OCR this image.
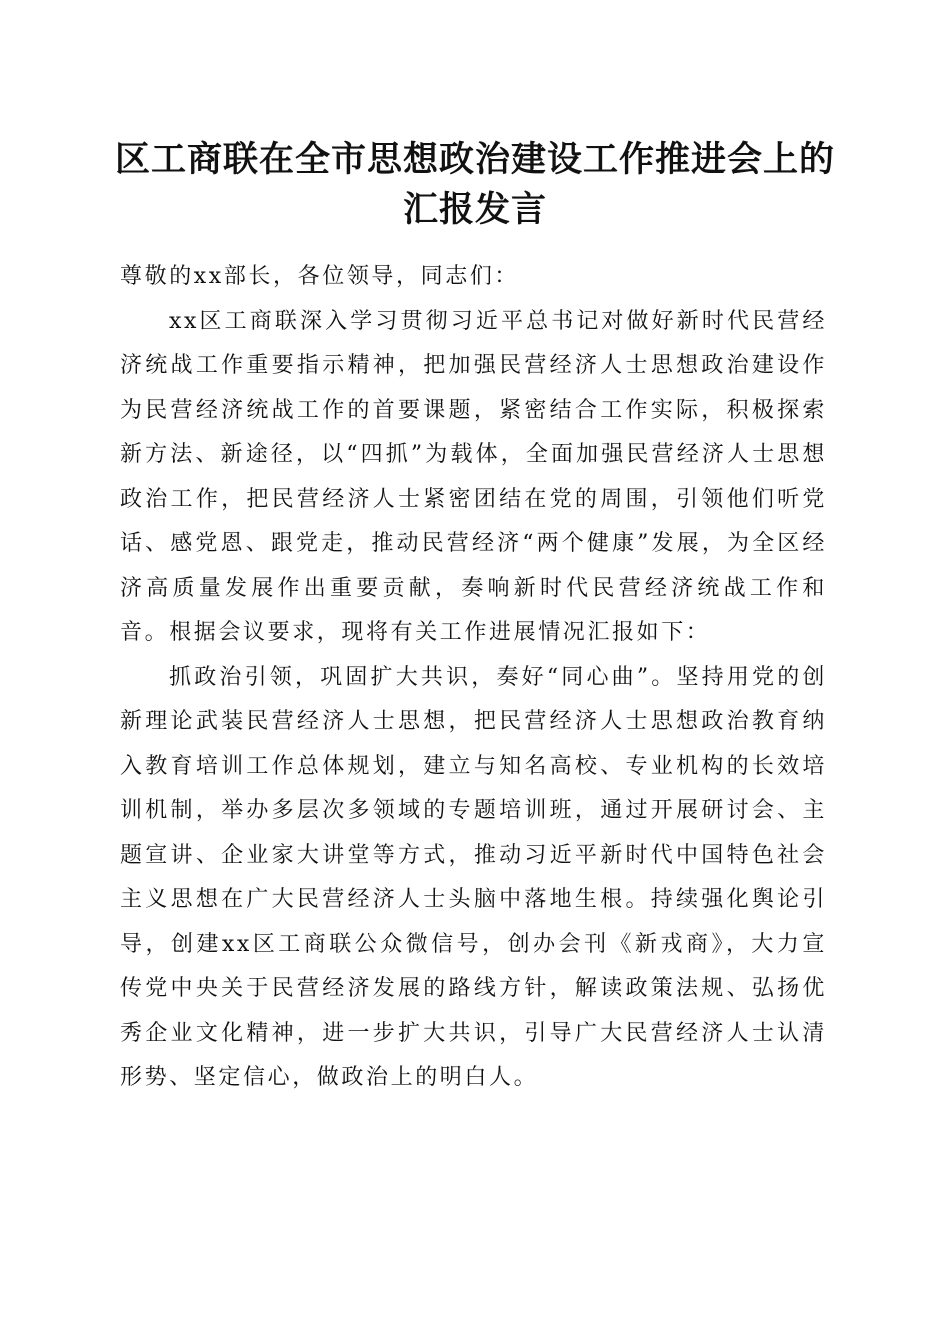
区工商联在全市思想政治建设工作推进会上的
汇报发言

尊敬的xx部长，各位领导，同志们：

xx区工商联深入学习贯彻习近平总书记对做好新时代民营经济统战工作重要指示精神，把加强民营经济人士思想政治建设作为民营经济统战工作的首要课题，紧密结合工作实际，积极探索新方法、新途径，以“四抓”为载体，全面加强民营经济人士思想政治工作，把民营经济人士紧密团结在党的周围，引领他们听党话、感党恩、跟党走，推动民营经济“两个健康”发展，为全区经济高质量发展作出重要贡献，奏响新时代民营经济统战工作和音。根据会议要求，现将有关工作进展情况汇报如下：

抓政治引领，巩固扩大共识，奏好“同心曲”。坚持用党的创新理论武装民营经济人士思想，把民营经济人士思想政治教育纳入教育培训工作总体规划，建立与知名高校、专业机构的长效培训机制，举办多层次多领域的专题培训班，通过开展研讨会、主题宣讲、企业家大讲堂等方式，推动习近平新时代中国特色社会主义思想在广大民营经济人士头脑中落地生根。持续强化舆论引导，创建xx区工商联公众微信号，创办会刊《新戎商》，大力宣传党中央关于民营经济发展的路线方针，解读政策法规、弘扬优秀企业文化精神，进一步扩大共识，引导广大民营经济人士认清形势、坚定信心，做政治上的明白人。
